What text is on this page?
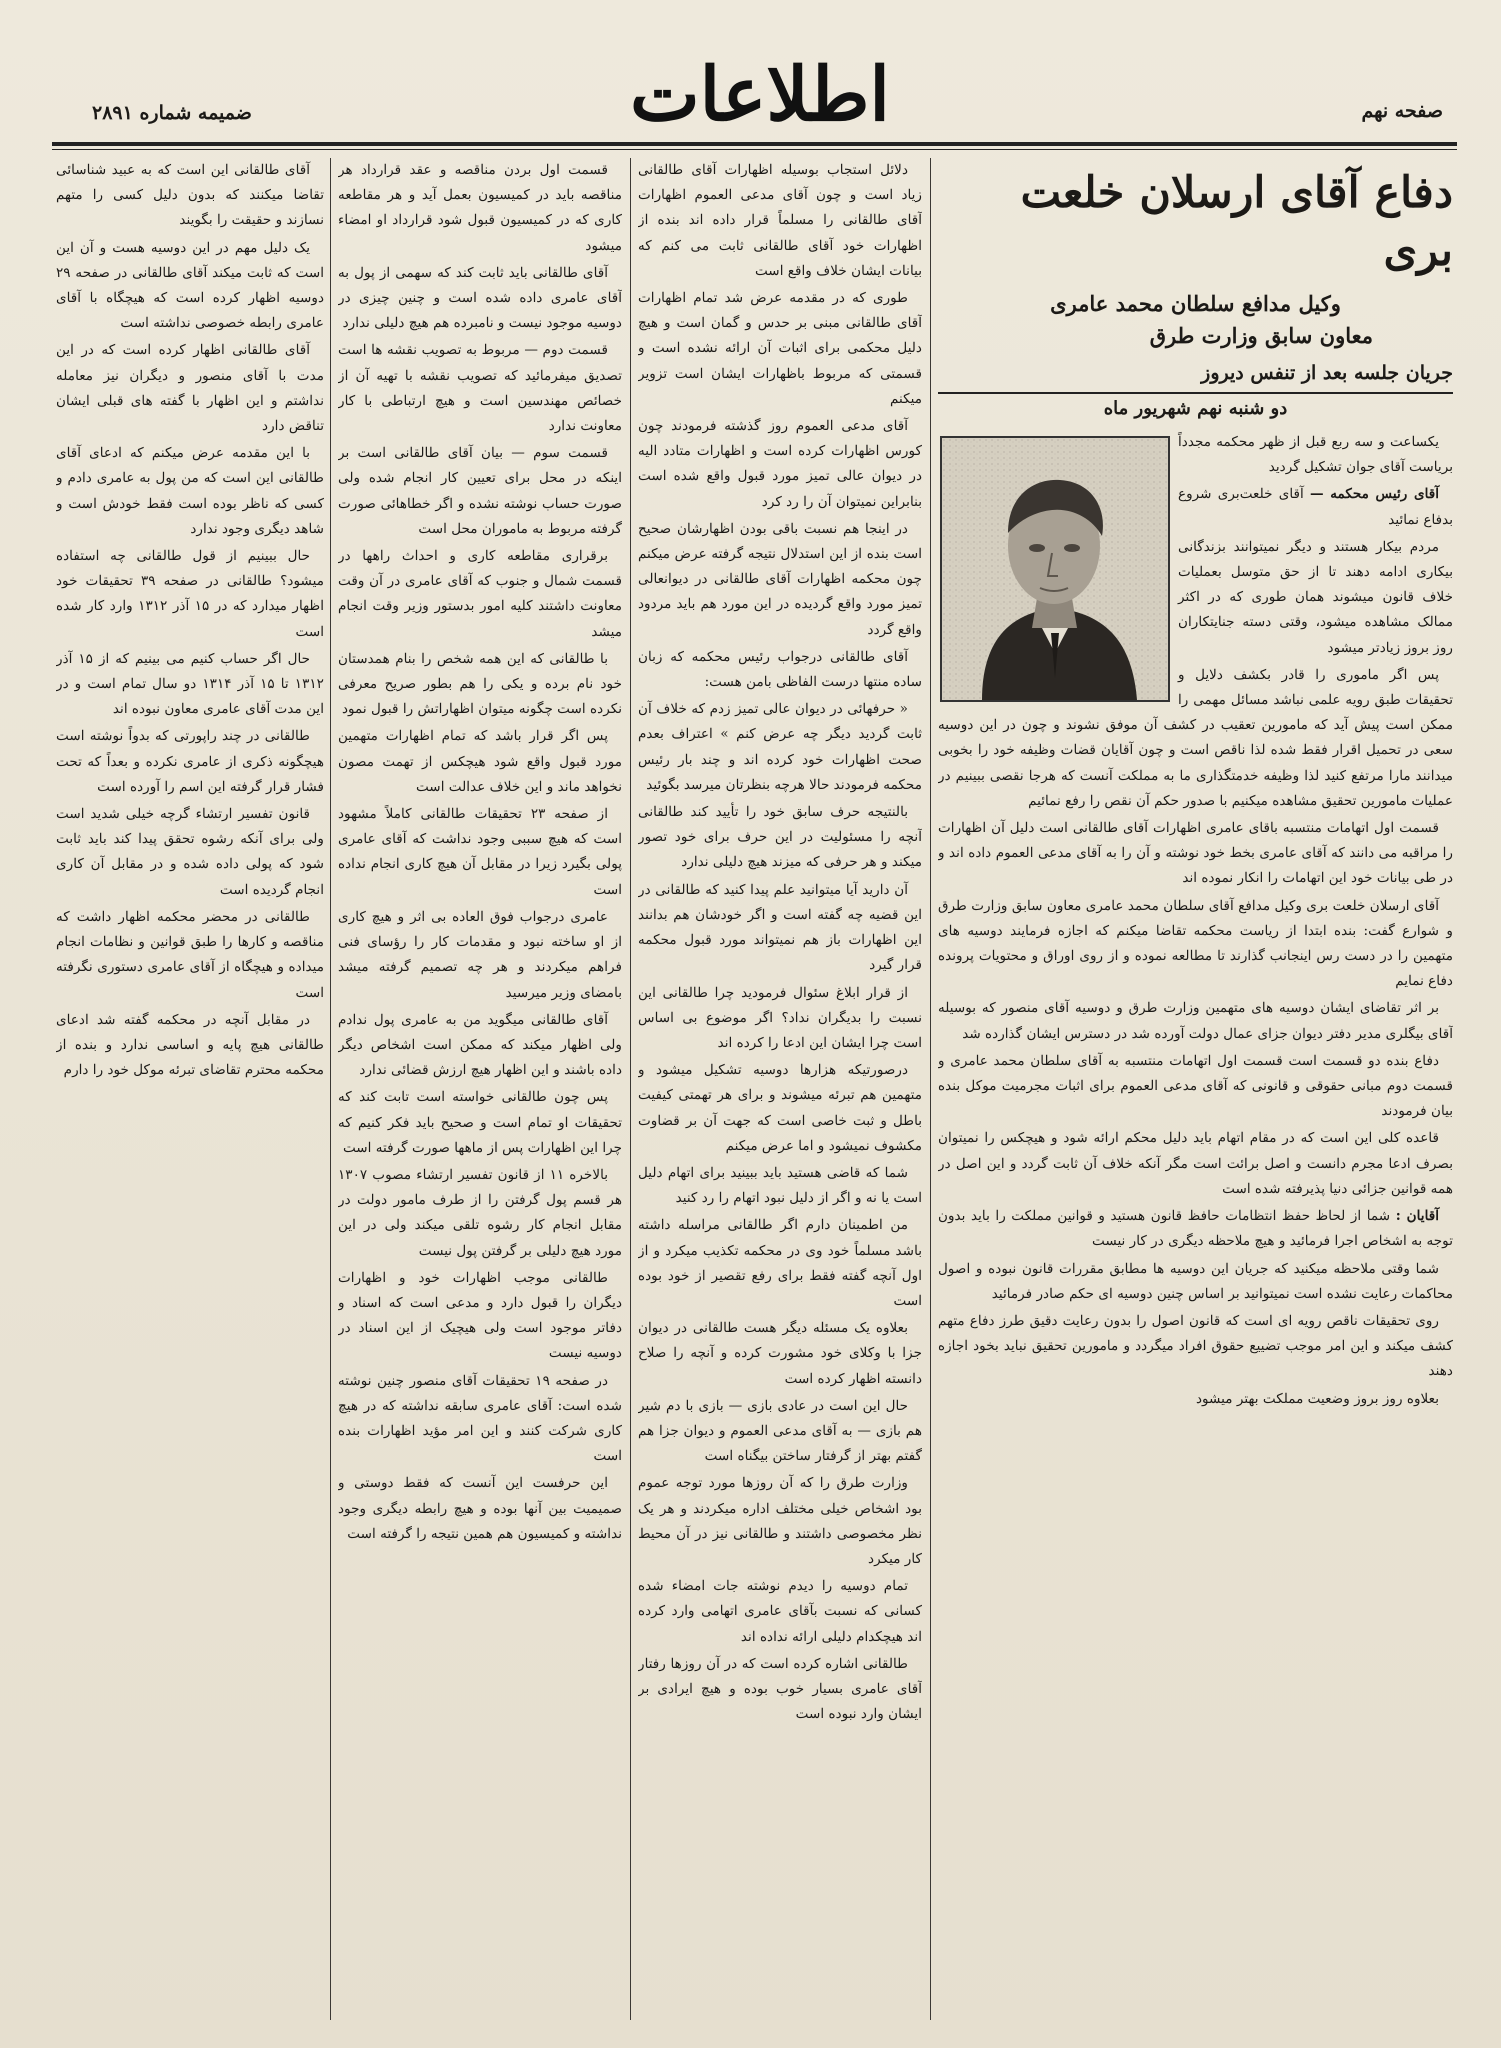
صفحه نهم
اطلاعات
ضمیمه شماره ۲۸۹۱
دفاع آقای ارسلان خلعت بری
وکیل مدافع سلطان محمد عامری
معاون سابق وزارت طرق
جریان جلسه بعد از تنفس دیروز
دو شنبه نهم شهریور ماه

یکساعت و سه ربع قبل از ظهر محکمه مجدداً بریاست آقای جوان تشکیل گردید

آقای رئیس محکمه — آقای خلعت‌بری شروع بدفاع نمائید

مردم بیکار هستند و دیگر نمیتوانند بزندگانی بیکاری ادامه دهند تا از حق متوسل بعملیات خلاف قانون میشوند همان طوری که در اکثر ممالک مشاهده میشود، وقتی دسته جنایتکاران روز بروز زیادتر میشود

پس اگر ماموری را قادر بکشف دلایل و تحقیقات طبق رویه علمی نباشد مسائل مهمی را ممکن است پیش آید که مامورین تعقیب در کشف آن موفق نشوند و چون در این دوسیه سعی در تحمیل اقرار فقط شده لذا ناقص است و چون آقایان قضات وظیفه خود را بخوبی میدانند مارا مرتفع کنید لذا وظیفه خدمتگذاری ما به مملکت آنست که هرجا نقصی ببینیم در عملیات مامورین تحقیق مشاهده میکنیم با صدور حکم آن نقص را رفع نمائیم

قسمت اول اتهامات منتسبه باقای عامری اظهارات آقای طالقانی است دلیل آن اظهارات را مراقبه می دانند که آقای عامری بخط خود نوشته و آن را به آقای مدعی العموم داده اند و در طی بیانات خود این اتهامات را انکار نموده اند

آقای ارسلان خلعت بری وکیل مدافع آقای سلطان محمد عامری معاون سابق وزارت طرق و شوارع گفت: بنده ابتدا از ریاست محکمه تقاضا میکنم که اجازه فرمایند دوسیه های متهمین را در دست رس اینجانب گذارند تا مطالعه نموده و از روی اوراق و محتویات پرونده دفاع نمایم

بر اثر تقاضای ایشان دوسیه های متهمین وزارت طرق و دوسیه آقای منصور که بوسیله آقای بیگلری مدیر دفتر دیوان جزای عمال دولت آورده شد در دسترس ایشان گذارده شد

دفاع بنده دو قسمت است قسمت اول اتهامات منتسبه به آقای سلطان محمد عامری و قسمت دوم مبانی حقوقی و قانونی که آقای مدعی العموم برای اثبات مجرمیت موکل بنده بیان فرمودند

قاعده کلی این است که در مقام اتهام باید دلیل محکم ارائه شود و هیچکس را نمیتوان بصرف ادعا مجرم دانست و اصل برائت است مگر آنکه خلاف آن ثابت گردد و این اصل در همه قوانین جزائی دنیا پذیرفته شده است

آقایان : شما از لحاظ حفظ انتظامات حافظ قانون هستید و قوانین مملکت را باید بدون توجه به اشخاص اجرا فرمائید و هیچ ملاحظه دیگری در کار نیست

شما وقتی ملاحظه میکنید که جریان این دوسیه ها مطابق مقررات قانون نبوده و اصول محاکمات رعایت نشده است نمیتوانید بر اساس چنین دوسیه ای حکم صادر فرمائید

روی تحقیقات ناقص رویه ای است که قانون اصول را بدون رعایت دقیق طرز دفاع متهم کشف میکند و این امر موجب تضییع حقوق افراد میگردد و مامورین تحقیق نباید بخود اجازه دهند

بعلاوه روز بروز وضعیت مملکت بهتر میشود

دلائل استجاب بوسیله اظهارات آقای طالقانی زیاد است و چون آقای مدعی العموم اظهارات آقای طالقانی را مسلماً قرار داده اند بنده از اظهارات خود آقای طالقانی ثابت می کنم که بیانات ایشان خلاف واقع است

طوری که در مقدمه عرض شد تمام اظهارات آقای طالقانی مبنی بر حدس و گمان است و هیچ دلیل محکمی برای اثبات آن ارائه نشده است و قسمتی که مربوط باظهارات ایشان است تزویر میکنم

آقای مدعی العموم روز گذشته فرمودند چون کورس اظهارات کرده است و اظهارات متادد الیه در دیوان عالی تمیز مورد قبول واقع شده است بنابراین نمیتوان آن را رد کرد

در اینجا هم نسبت باقی بودن اظهارشان صحیح است بنده از این استدلال نتیجه گرفته عرض میکنم چون محکمه اظهارات آقای طالقانی در دیوانعالی تمیز مورد واقع گردیده در این مورد هم باید مردود واقع گردد

آقای طالقانی درجواب رئیس محکمه که زبان ساده منتها درست الفاظی بامن هست:

« حرفهائی در دیوان عالی تمیز زدم که خلاف آن ثابت گردید دیگر چه عرض کنم » اعتراف بعدم صحت اظهارات خود کرده اند و چند بار رئیس محکمه فرمودند حالا هرچه بنظرتان میرسد بگوئید

بالنتیجه حرف سابق خود را تأیید کند طالقانی آنچه را مسئولیت در این حرف برای خود تصور میکند و هر حرفی که میزند هیچ دلیلی ندارد

آن دارید آیا میتوانید علم پیدا کنید که طالقانی در این قضیه چه گفته است و اگر خودشان هم بدانند این اظهارات باز هم نمیتواند مورد قبول محکمه قرار گیرد

از قرار ابلاغ سئوال فرمودید چرا طالقانی این نسبت را بدیگران نداد؟ اگر موضوع بی اساس است چرا ایشان این ادعا را کرده اند

درصورتیکه هزارها دوسیه تشکیل میشود و متهمین هم تبرئه میشوند و برای هر تهمتی کیفیت باطل و ثبت خاصی است که جهت آن بر قضاوت مکشوف نمیشود و اما عرض میکنم

شما که قاضی هستید باید ببینید برای اتهام دلیل است یا نه و اگر از دلیل نبود اتهام را رد کنید

من اطمینان دارم اگر طالقانی مراسله داشته باشد مسلماً خود وی در محکمه تکذیب میکرد و از اول آنچه گفته فقط برای رفع تقصیر از خود بوده است

بعلاوه یک مسئله دیگر هست طالقانی در دیوان جزا با وکلای خود مشورت کرده و آنچه را صلاح دانسته اظهار کرده است

حال این است در عادی بازی — بازی با دم شیر هم بازی — به آقای مدعی العموم و دیوان جزا هم گفتم بهتر از گرفتار ساختن بیگناه است

وزارت طرق را که آن روزها مورد توجه عموم بود اشخاص خیلی مختلف اداره میکردند و هر یک نظر مخصوصی داشتند و طالقانی نیز در آن محیط کار میکرد

تمام دوسیه را دیدم نوشته جات امضاء شده کسانی که نسبت بآقای عامری اتهامی وارد کرده اند هیچکدام دلیلی ارائه نداده اند

طالقانی اشاره کرده است که در آن روزها رفتار آقای عامری بسیار خوب بوده و هیچ ایرادی بر ایشان وارد نبوده است

قسمت اول بردن مناقصه و عقد قرارداد هر مناقصه باید در کمیسیون بعمل آید و هر مقاطعه کاری که در کمیسیون قبول شود قرارداد او امضاء میشود

آقای طالقانی باید ثابت کند که سهمی از پول به آقای عامری داده شده است و چنین چیزی در دوسیه موجود نیست و نامبرده هم هیچ دلیلی ندارد

قسمت دوم — مربوط به تصویب نقشه ها است تصدیق میفرمائید که تصویب نقشه با تهیه آن از خصائص مهندسین است و هیچ ارتباطی با کار معاونت ندارد

قسمت سوم — بیان آقای طالقانی است بر اینکه در محل برای تعیین کار انجام شده ولی صورت حساب نوشته نشده و اگر خطاهائی صورت گرفته مربوط به ماموران محل است

برقراری مقاطعه کاری و احداث راهها در قسمت شمال و جنوب که آقای عامری در آن وقت معاونت داشتند کلیه امور بدستور وزیر وقت انجام میشد

با طالقانی که این همه شخص را بنام همدستان خود نام برده و یکی را هم بطور صریح معرفی نکرده است چگونه میتوان اظهاراتش را قبول نمود

پس اگر قرار باشد که تمام اظهارات متهمین مورد قبول واقع شود هیچکس از تهمت مصون نخواهد ماند و این خلاف عدالت است

از صفحه ۲۳ تحقیقات طالقانی کاملاً مشهود است که هیچ سببی وجود نداشت که آقای عامری پولی بگیرد زیرا در مقابل آن هیچ کاری انجام نداده است

عامری درجواب فوق العاده بی اثر و هیچ کاری از او ساخته نبود و مقدمات کار را رؤسای فنی فراهم میکردند و هر چه تصمیم گرفته میشد بامضای وزیر میرسید

آقای طالقانی میگوید من به عامری پول ندادم ولی اظهار میکند که ممکن است اشخاص دیگر داده باشند و این اظهار هیچ ارزش قضائی ندارد

پس چون طالقانی خواسته است تابت کند که تحقیقات او تمام است و صحیح باید فکر کنیم که چرا این اظهارات پس از ماهها صورت گرفته است

بالاخره ۱۱ از قانون تفسیر ارتشاء مصوب ۱۳۰۷ هر قسم پول گرفتن را از طرف مامور دولت در مقابل انجام کار رشوه تلقی میکند ولی در این مورد هیچ دلیلی بر گرفتن پول نیست

طالقانی موجب اظهارات خود و اظهارات دیگران را قبول دارد و مدعی است که اسناد و دفاتر موجود است ولی هیچیک از این اسناد در دوسیه نیست

در صفحه ۱۹ تحقیقات آقای منصور چنین نوشته شده است: آقای عامری سابقه نداشته که در هیچ کاری شرکت کنند و این امر مؤید اظهارات بنده است

این حرفست این آنست که فقط دوستی و صمیمیت بین آنها بوده و هیچ رابطه دیگری وجود نداشته و کمیسیون هم همین نتیجه را گرفته است

آقای طالقانی این است که به عبید شناسائی تقاضا میکنند که بدون دلیل کسی را متهم نسازند و حقیقت را بگویند

یک دلیل مهم در این دوسیه هست و آن این است که ثابت میکند آقای طالقانی در صفحه ۲۹ دوسیه اظهار کرده است که هیچگاه با آقای عامری رابطه خصوصی نداشته است

آقای طالقانی اظهار کرده است که در این مدت با آقای منصور و دیگران نیز معامله نداشتم و این اظهار با گفته های قبلی ایشان تناقض دارد

با این مقدمه عرض میکنم که ادعای آقای طالقانی این است که من پول به عامری دادم و کسی که ناظر بوده است فقط خودش است و شاهد دیگری وجود ندارد

حال ببینیم از قول طالقانی چه استفاده میشود؟ طالقانی در صفحه ۳۹ تحقیقات خود اظهار میدارد که در ۱۵ آذر ۱۳۱۲ وارد کار شده است

حال اگر حساب کنیم می بینیم که از ۱۵ آذر ۱۳۱۲ تا ۱۵ آذر ۱۳۱۴ دو سال تمام است و در این مدت آقای عامری معاون نبوده اند

طالقانی در چند راپورتی که بدواً نوشته است هیچگونه ذکری از عامری نکرده و بعداً که تحت فشار قرار گرفته این اسم را آورده است

قانون تفسیر ارتشاء گرچه خیلی شدید است ولی برای آنکه رشوه تحقق پیدا کند باید ثابت شود که پولی داده شده و در مقابل آن کاری انجام گردیده است

طالقانی در محضر محکمه اظهار داشت که مناقصه و کارها را طبق قوانین و نظامات انجام میداده و هیچگاه از آقای عامری دستوری نگرفته است

در مقابل آنچه در محکمه گفته شد ادعای طالقانی هیچ پایه و اساسی ندارد و بنده از محکمه محترم تقاضای تبرئه موکل خود را دارم
